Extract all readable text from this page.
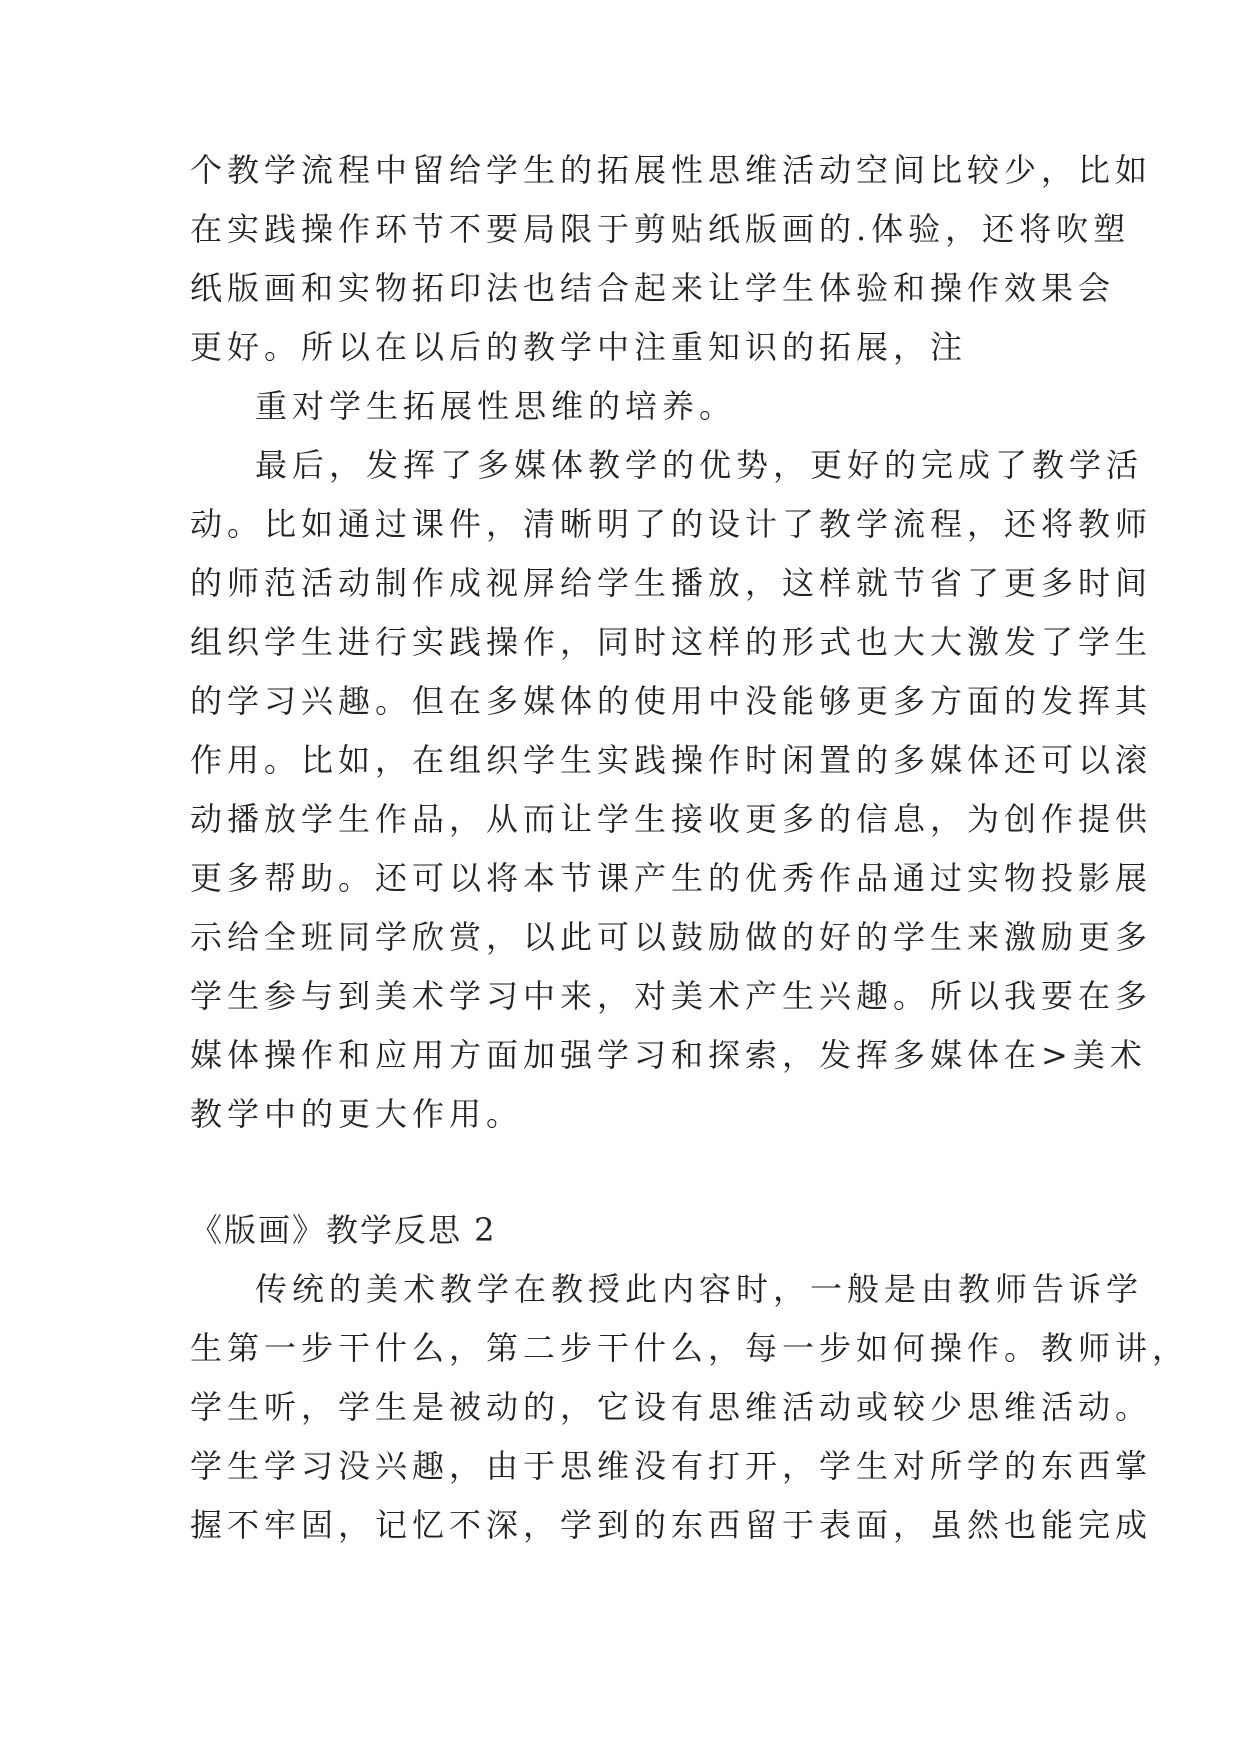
个教学流程中留给学生的拓展性思维活动空间比较少，比如
在实践操作环节不要局限于剪贴纸版画的.体验，还将吹塑
纸版画和实物拓印法也结合起来让学生体验和操作效果会
更好。所以在以后的教学中注重知识的拓展，注
重对学生拓展性思维的培养。
最后，发挥了多媒体教学的优势，更好的完成了教学活
动。比如通过课件，清晰明了的设计了教学流程，还将教师
的师范活动制作成视屏给学生播放，这样就节省了更多时间
组织学生进行实践操作，同时这样的形式也大大激发了学生
的学习兴趣。但在多媒体的使用中没能够更多方面的发挥其
作用。比如，在组织学生实践操作时闲置的多媒体还可以滚
动播放学生作品，从而让学生接收更多的信息，为创作提供
更多帮助。还可以将本节课产生的优秀作品通过实物投影展
示给全班同学欣赏，以此可以鼓励做的好的学生来激励更多
学生参与到美术学习中来，对美术产生兴趣。所以我要在多
媒体操作和应用方面加强学习和探索，发挥多媒体在>美术
教学中的更大作用。
《版画》教学反思 2
传统的美术教学在教授此内容时，一般是由教师告诉学
生第一步干什么，第二步干什么，每一步如何操作。教师讲，
学生听，学生是被动的，它设有思维活动或较少思维活动。
学生学习没兴趣，由于思维没有打开，学生对所学的东西掌
握不牢固，记忆不深，学到的东西留于表面，虽然也能完成
